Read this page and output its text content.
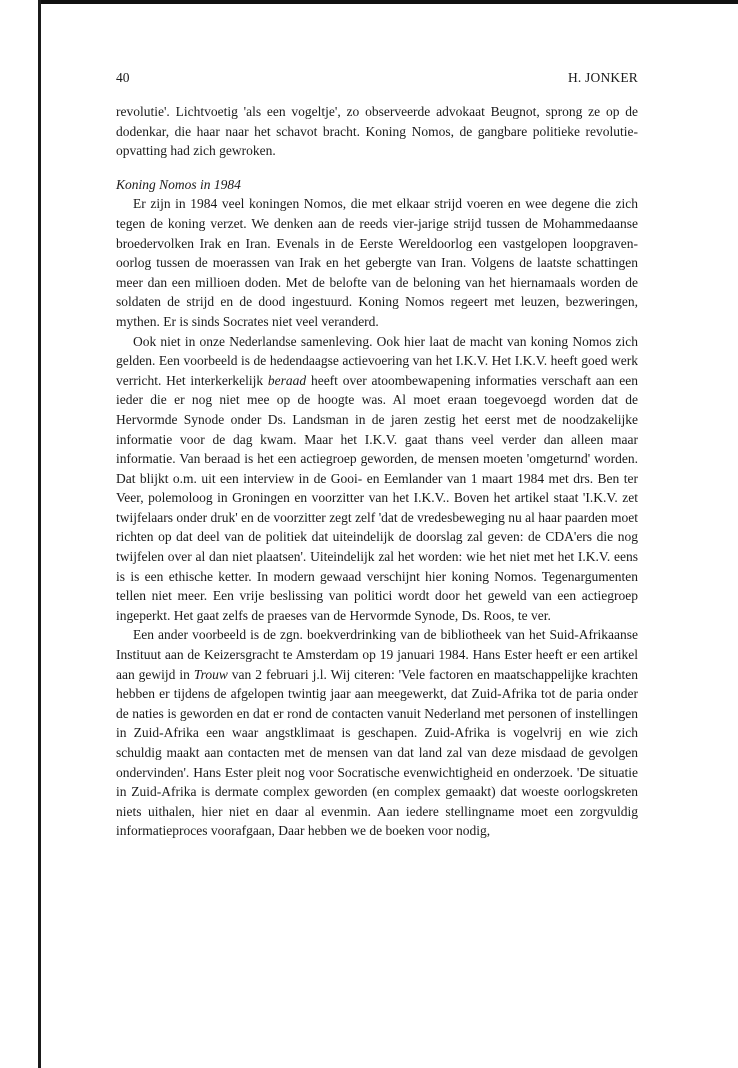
40	H. JONKER

revolutie'. Lichtvoetig 'als een vogeltje', zo observeerde advokaat Beugnot, sprong ze op de dodenkar, die haar naar het schavot bracht. Koning Nomos, de gangbare politieke revolutie-opvatting had zich gewroken.

Koning Nomos in 1984

Er zijn in 1984 veel koningen Nomos, die met elkaar strijd voeren en wee degene die zich tegen de koning verzet. We denken aan de reeds vier-jarige strijd tussen de Mohammedaanse broedervolken Irak en Iran. Evenals in de Eerste Wereldoorlog een vastgelopen loopgraven-oorlog tussen de moerassen van Irak en het gebergte van Iran. Volgens de laatste schattingen meer dan een millioen doden. Met de belofte van de beloning van het hiernamaals worden de soldaten de strijd en de dood ingestuurd. Koning Nomos regeert met leuzen, bezweringen, mythen. Er is sinds Socrates niet veel veranderd.

Ook niet in onze Nederlandse samenleving. Ook hier laat de macht van koning Nomos zich gelden. Een voorbeeld is de hedendaagse actievoering van het I.K.V. Het I.K.V. heeft goed werk verricht. Het interkerkelijk beraad heeft over atoombewapening informaties verschaft aan een ieder die er nog niet mee op de hoogte was. Al moet eraan toegevoegd worden dat de Hervormde Synode onder Ds. Landsman in de jaren zestig het eerst met de noodzakelijke informatie voor de dag kwam. Maar het I.K.V. gaat thans veel verder dan alleen maar informatie. Van beraad is het een actiegroep geworden, de mensen moeten 'omgeturnd' worden. Dat blijkt o.m. uit een interview in de Gooi- en Eemlander van 1 maart 1984 met drs. Ben ter Veer, polemoloog in Groningen en voorzitter van het I.K.V.. Boven het artikel staat 'I.K.V. zet twijfelaars onder druk' en de voorzitter zegt zelf 'dat de vredesbeweging nu al haar paarden moet richten op dat deel van de politiek dat uiteindelijk de doorslag zal geven: de CDA'ers die nog twijfelen over al dan niet plaatsen'. Uiteindelijk zal het worden: wie het niet met het I.K.V. eens is is een ethische ketter. In modern gewaad verschijnt hier koning Nomos. Tegenargumenten tellen niet meer. Een vrije beslissing van politici wordt door het geweld van een actiegroep ingeperkt. Het gaat zelfs de praeses van de Hervormde Synode, Ds. Roos, te ver.

Een ander voorbeeld is de zgn. boekverdrinking van de bibliotheek van het Suid-Afrikaanse Instituut aan de Keizersgracht te Amsterdam op 19 januari 1984. Hans Ester heeft er een artikel aan gewijd in Trouw van 2 februari j.l. Wij citeren: 'Vele factoren en maatschappelijke krachten hebben er tijdens de afgelopen twintig jaar aan meegewerkt, dat Zuid-Afrika tot de paria onder de naties is geworden en dat er rond de contacten vanuit Nederland met personen of instellingen in Zuid-Afrika een waar angstklimaat is geschapen. Zuid-Afrika is vogelvrij en wie zich schuldig maakt aan contacten met de mensen van dat land zal van deze misdaad de gevolgen ondervinden'. Hans Ester pleit nog voor Socratische evenwichtigheid en onderzoek. 'De situatie in Zuid-Afrika is dermate complex geworden (en complex gemaakt) dat woeste oorlogskreten niets uithalen, hier niet en daar al evenmin. Aan iedere stellingname moet een zorgvuldig informatieproces voorafgaan, Daar hebben we de boeken voor nodig,
